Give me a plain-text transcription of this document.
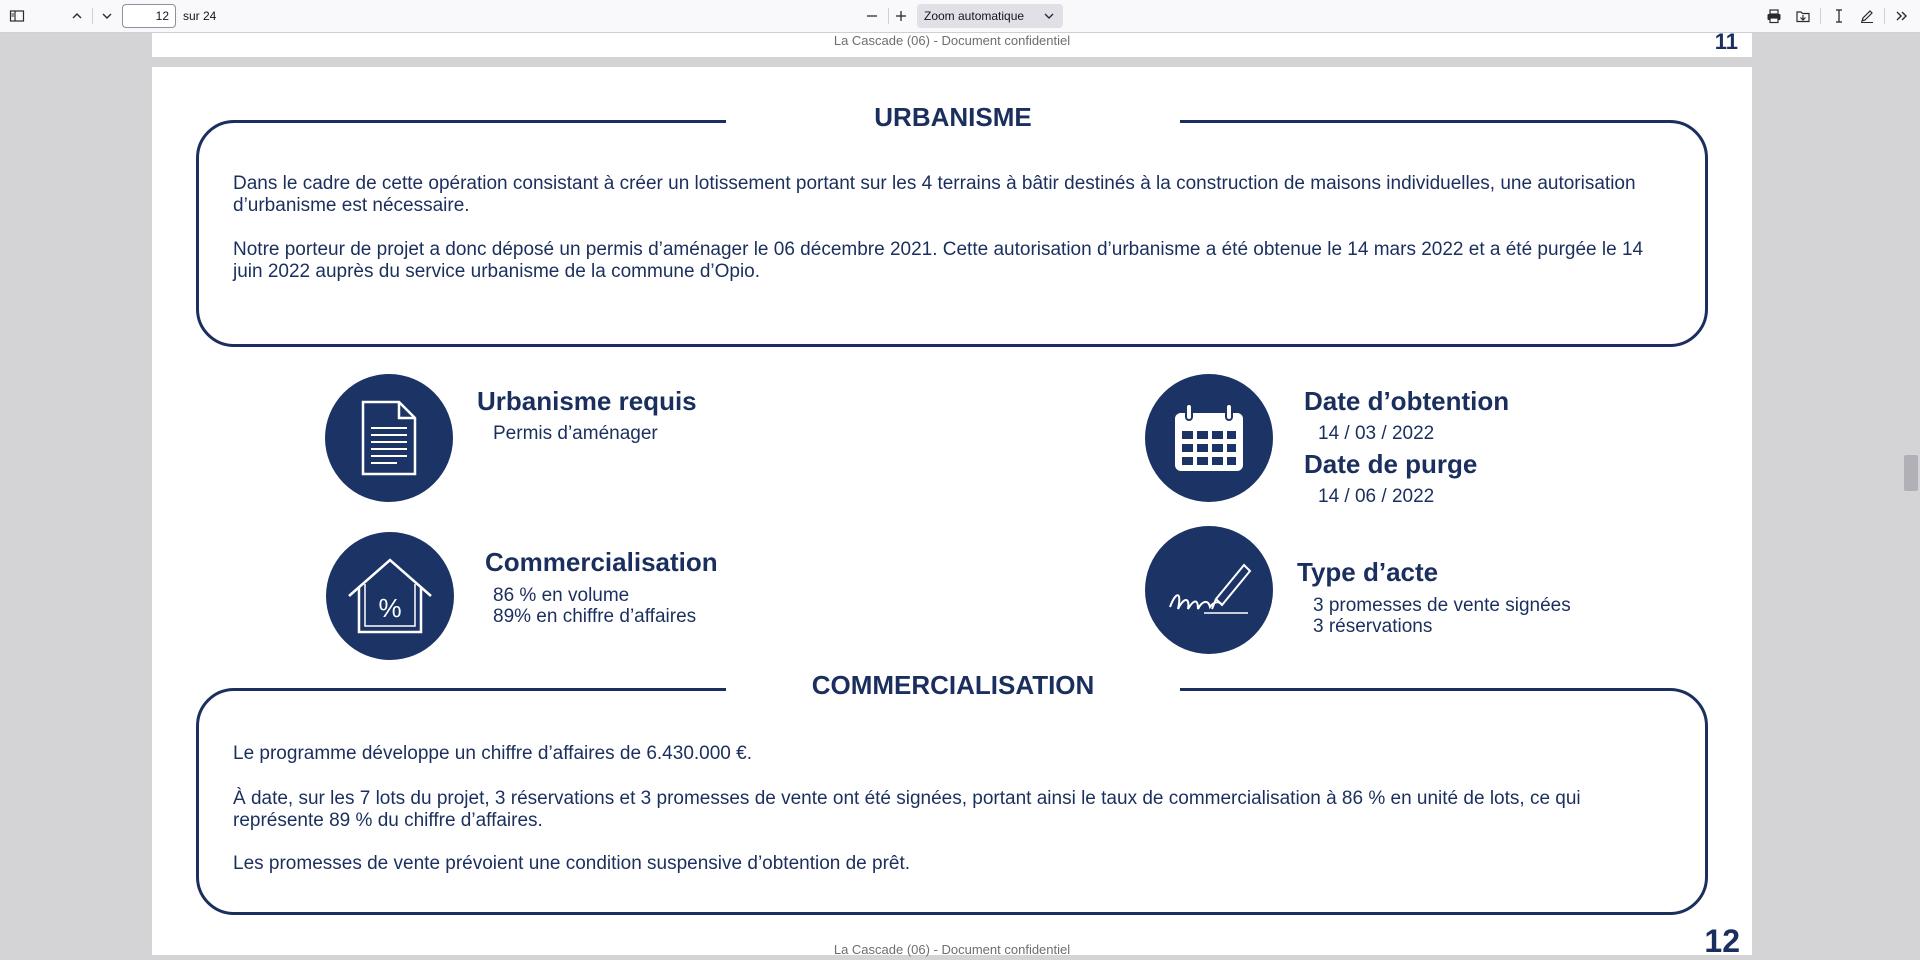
12
sur 24	Zoom automatique
La Cascade (06) - Document confidentiel	11
URBANISME
Dans le cadre de cette opération consistant à créer un lotissement portant sur les 4 terrains à bâtir destinés à la construction de maisons individuelles, une autorisation d’urbanisme est nécessaire.
Notre porteur de projet a donc déposé un permis d’aménager le 06 décembre 2021. Cette autorisation d’urbanisme a été obtenue le 14 mars 2022 et a été purgée le 14 juin 2022 auprès du service urbanisme de la commune d’Opio.
Urbanisme requis
Permis d’aménager
Date d’obtention
14 / 03 / 2022
Date de purge
14 / 06 / 2022
%
Commercialisation
86 % en volume
89% en chiffre d’affaires
Type d’acte
3 promesses de vente signées
3 réservations
COMMERCIALISATION
Le programme développe un chiffre d’affaires de 6.430.000 €.
À date, sur les 7 lots du projet, 3 réservations et 3 promesses de vente ont été signées, portant ainsi le taux de commercialisation à 86 % en unité de lots, ce qui représente 89 % du chiffre d’affaires.
Les promesses de vente prévoient une condition suspensive d’obtention de prêt.
La Cascade (06) - Document confidentiel	12
